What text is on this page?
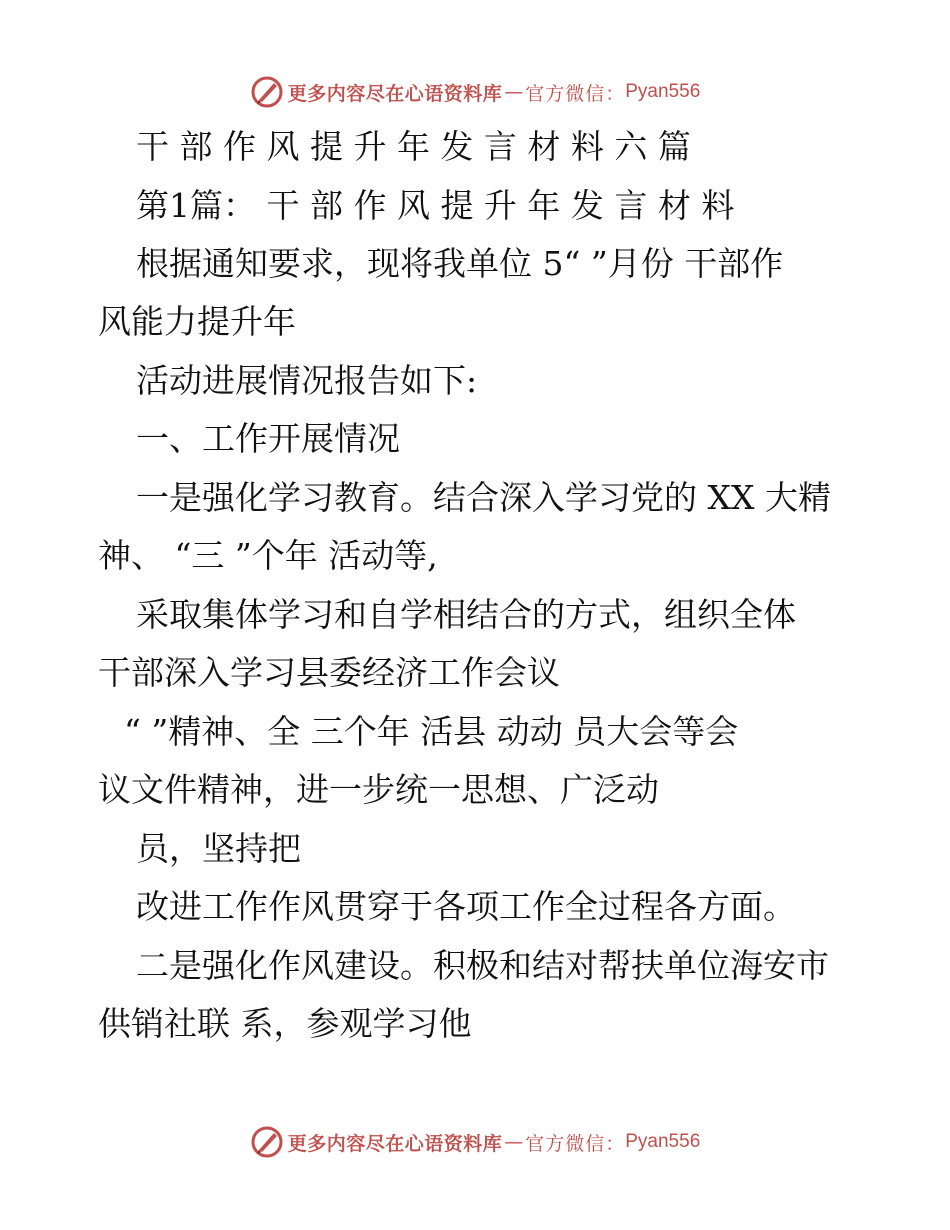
更多内容尽在心语资料库 — 官方微信： Pyan556
干 部 作 风 提 升 年 发 言 材 料 六 篇
第1篇： 干 部 作 风 提 升 年 发 言 材 料
根据通知要求，现将我单位 5“ ”月份 干部作
风能力提升年
活动进展情况报告如下:
一、工作开展情况
一是强化学习教育。结合深入学习党的 XX 大精
神、 “三 ”个年 活动等,
采取集体学习和自学相结合的方式，组织全体
干部深入学习县委经济工作会议
“ ”精神、全 三个年 活县 动动 员大会等会
议文件精神，进一步统一思想、广泛动
员，坚持把
改进工作作风贯穿于各项工作全过程各方面。
二是强化作风建设。积极和结对帮扶单位海安市
供销社联 系，参观学习他
更多内容尽在心语资料库 — 官方微信： Pyan556
